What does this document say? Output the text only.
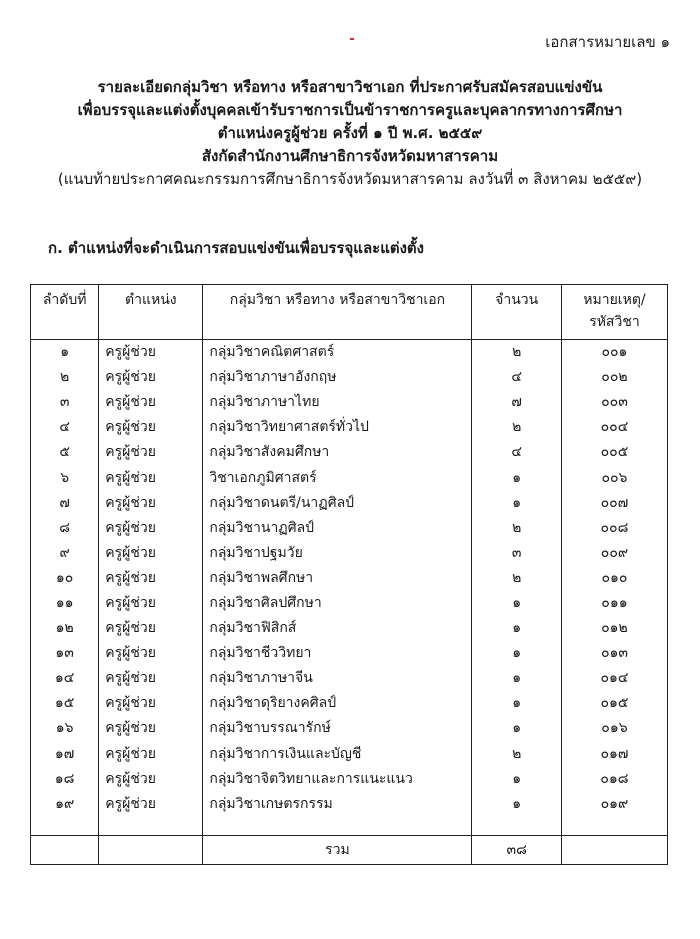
เอกสารหมายเลข ๑
รายละเอียดกลุ่มวิชา หรือทาง หรือสาขาวิชาเอก ที่ประกาศรับสมัครสอบแข่งขัน
เพื่อบรรจุและแต่งตั้งบุคคลเข้ารับราชการเป็นข้าราชการครูและบุคลากรทางการศึกษา
ตำแหน่งครูผู้ช่วย ครั้งที่ ๑ ปี พ.ศ. ๒๕๕๙
สังกัดสำนักงานศึกษาธิการจังหวัดมหาสารคาม
(แนบท้ายประกาศคณะกรรมการศึกษาธิการจังหวัดมหาสารคาม ลงวันที่ ๓ สิงหาคม ๒๕๕๙)
ก. ตำแหน่งที่จะดำเนินการสอบแข่งขันเพื่อบรรจุและแต่งตั้ง
ลำดับที่	ตำแหน่ง	กลุ่มวิชา หรือทาง หรือสาขาวิชาเอก	จำนวน	หมายเหตุ/
รหัสวิชา

๑	ครูผู้ช่วย	กลุ่มวิชาคณิตศาสตร์	๒	๐๐๑
๒	ครูผู้ช่วย	กลุ่มวิชาภาษาอังกฤษ	๔	๐๐๒
๓	ครูผู้ช่วย	กลุ่มวิชาภาษาไทย	๗	๐๐๓
๔	ครูผู้ช่วย	กลุ่มวิชาวิทยาศาสตร์ทั่วไป	๒	๐๐๔
๕	ครูผู้ช่วย	กลุ่มวิชาสังคมศึกษา	๔	๐๐๕
๖	ครูผู้ช่วย	วิชาเอกภูมิศาสตร์	๑	๐๐๖
๗	ครูผู้ช่วย	กลุ่มวิชาดนตรี/นาฏศิลป์	๑	๐๐๗
๘	ครูผู้ช่วย	กลุ่มวิชานาฏศิลป์	๒	๐๐๘
๙	ครูผู้ช่วย	กลุ่มวิชาปฐมวัย	๓	๐๐๙
๑๐	ครูผู้ช่วย	กลุ่มวิชาพลศึกษา	๒	๐๑๐
๑๑	ครูผู้ช่วย	กลุ่มวิชาศิลปศึกษา	๑	๐๑๑
๑๒	ครูผู้ช่วย	กลุ่มวิชาฟิสิกส์	๑	๐๑๒
๑๓	ครูผู้ช่วย	กลุ่มวิชาชีววิทยา	๑	๐๑๓
๑๔	ครูผู้ช่วย	กลุ่มวิชาภาษาจีน	๑	๐๑๔
๑๕	ครูผู้ช่วย	กลุ่มวิชาดุริยางคศิลป์	๑	๐๑๕
๑๖	ครูผู้ช่วย	กลุ่มวิชาบรรณารักษ์	๑	๐๑๖
๑๗	ครูผู้ช่วย	กลุ่มวิชาการเงินและบัญชี	๒	๐๑๗
๑๘	ครูผู้ช่วย	กลุ่มวิชาจิตวิทยาและการแนะแนว	๑	๐๑๘
๑๙	ครูผู้ช่วย	กลุ่มวิชาเกษตรกรรม	๑	๐๑๙

		รวม	๓๘	
